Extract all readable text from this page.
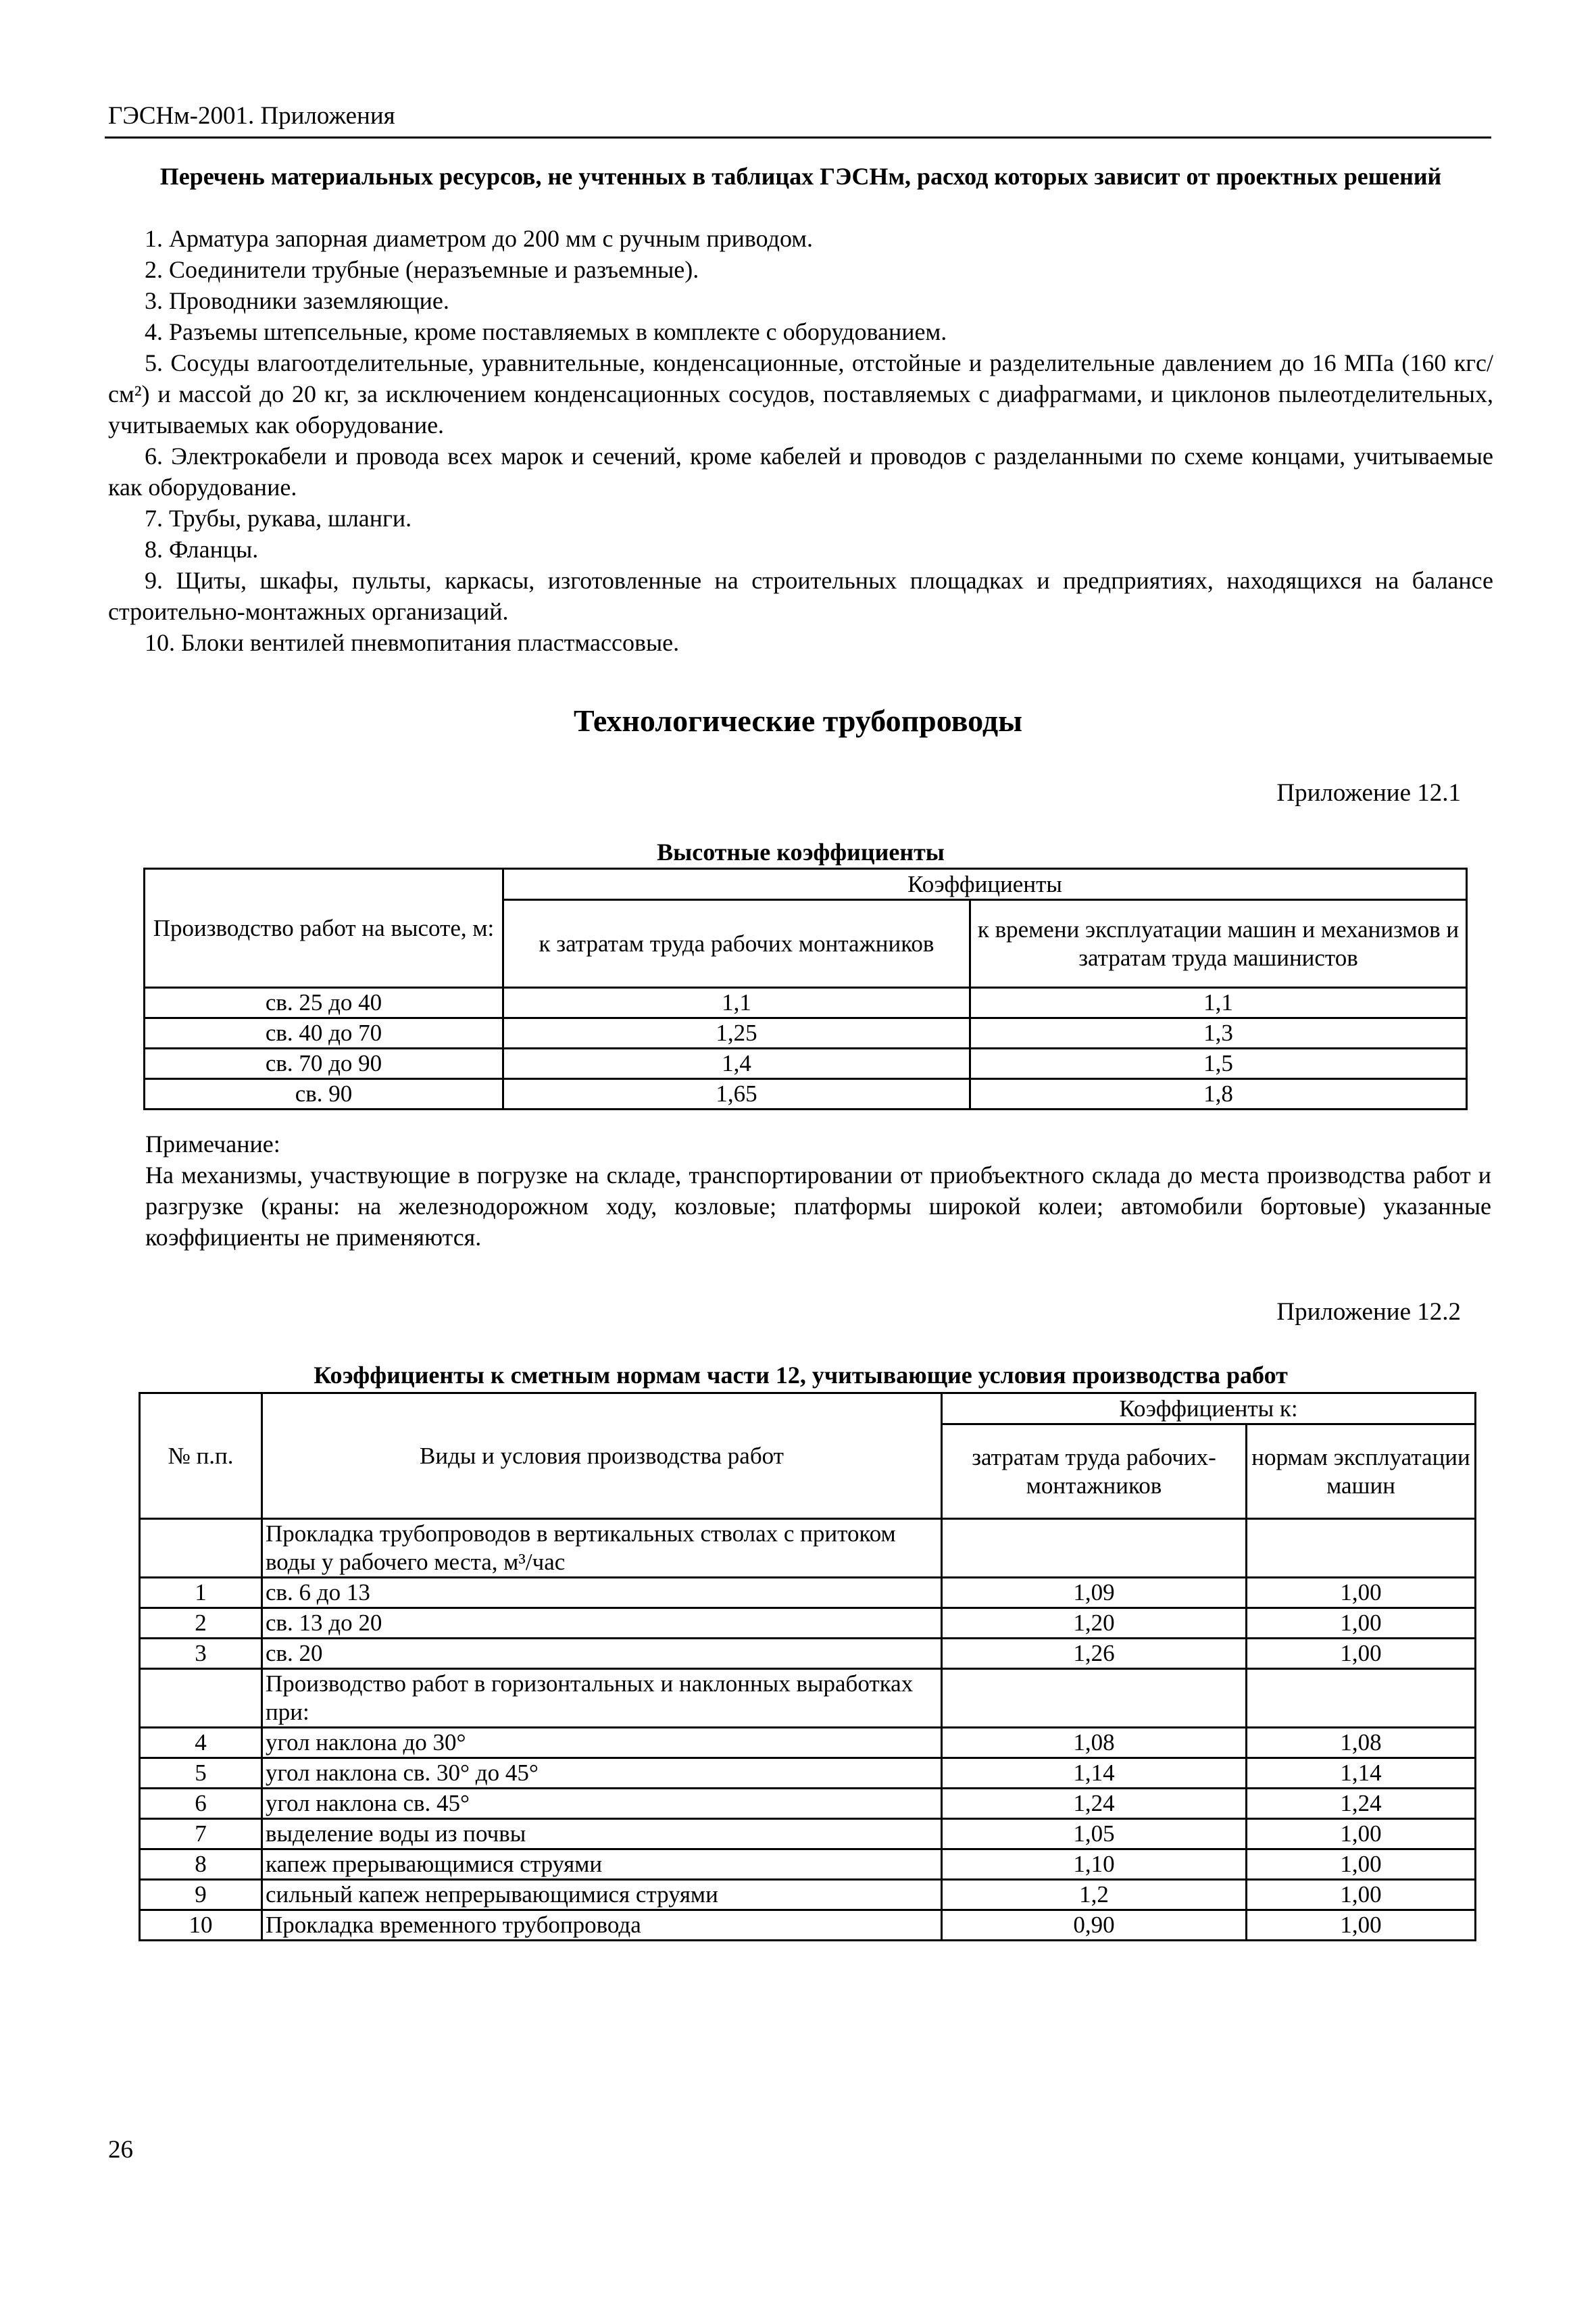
ГЭСНм-2001. Приложения
Перечень материальных ресурсов, не учтенных в таблицах ГЭСНм, расход которых зависит от проектных решений

1. Арматура запорная диаметром до 200 мм с ручным приводом.

2. Соединители трубные (неразъемные и разъемные).

3. Проводники заземляющие.

4. Разъемы штепсельные, кроме поставляемых в комплекте с оборудованием.

5. Сосуды влагоотделительные, уравнительные, конденсационные, отстойные и разделительные давлением до 16 МПа (160 кгс/см²) и массой до 20 кг, за исключением конденсационных сосудов, поставляемых с диафрагмами, и циклонов пылеотделительных, учитываемых как оборудование.

6. Электрокабели и провода всех марок и сечений, кроме кабелей и проводов с разделанными по схеме концами, учитываемые как оборудование.

7. Трубы, рукава, шланги.

8. Фланцы.

9. Щиты, шкафы, пульты, каркасы, изготовленные на строительных площадках и предприятиях, находящихся на балансе строительно-монтажных организаций.

10. Блоки вентилей пневмопитания пластмассовые.

Технологические трубопроводы
Приложение 12.1
Высотные коэффициенты
Производство работ на высоте, м:	Коэффициенты	
	к затратам труда рабочих монтажников	к времени эксплуатации машин и механизмов и затратам труда машинистов
св. 25 до 40	1,1	1,1
св. 40 до 70	1,25	1,3
св. 70 до 90	1,4	1,5
св. 90	1,65	1,8
Примечание:
На механизмы, участвующие в погрузке на складе, транспортировании от приобъектного склада до места производства работ и разгрузке (краны: на железнодорожном ходу, козловые; платформы широкой колеи; автомобили бортовые) указанные коэффициенты не применяются.
Приложение 12.2
Коэффициенты к сметным нормам части 12, учитывающие условия производства работ
№ п.п.	Виды и условия производства работ	Коэффициенты к:	
		затратам труда рабочих-монтажников	нормам эксплуатации машин
	Прокладка трубопроводов в вертикальных стволах с притоком воды у рабочего места, м³/час		
1	св. 6 до 13	1,09	1,00
2	св. 13 до 20	1,20	1,00
3	св. 20	1,26	1,00
	Производство работ в горизонтальных и наклонных выработках при:		
4	угол наклона до 30°	1,08	1,08
5	угол наклона св. 30° до 45°	1,14	1,14
6	угол наклона св. 45°	1,24	1,24
7	выделение воды из почвы	1,05	1,00
8	капеж прерывающимися струями	1,10	1,00
9	сильный капеж непрерывающимися струями	1,2	1,00
10	Прокладка временного трубопровода	0,90	1,00
26
